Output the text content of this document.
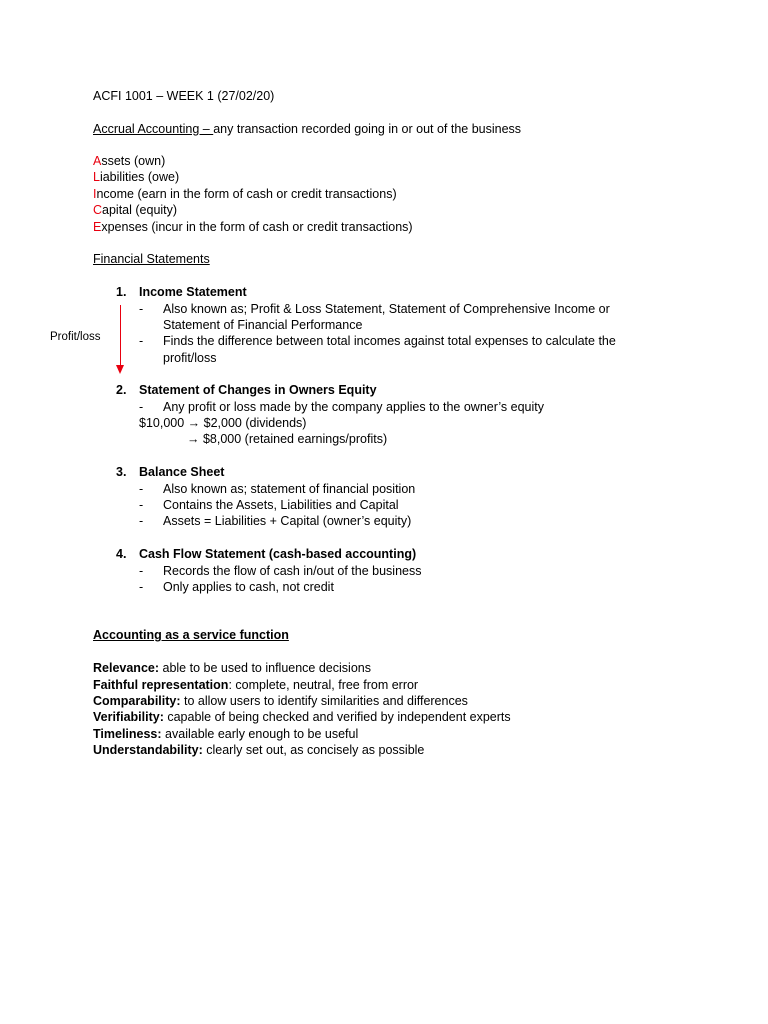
ACFI 1001 – WEEK 1 (27/02/20)
Accrual Accounting – any transaction recorded going in or out of the business
Assets (own)
Liabilities (owe)
Income (earn in the form of cash or credit transactions)
Capital (equity)
Expenses (incur in the form of cash or credit transactions)
Financial Statements
Profit/loss
1. Income Statement
- Also known as; Profit & Loss Statement, Statement of Comprehensive Income or
Statement of Financial Performance
- Finds the difference between total incomes against total expenses to calculate the
profit/loss
2. Statement of Changes in Owners Equity
- Any profit or loss made by the company applies to the owner’s equity
$10,000 → $2,000 (dividends)
→ $8,000 (retained earnings/profits)
3. Balance Sheet
- Also known as; statement of financial position
- Contains the Assets, Liabilities and Capital
- Assets = Liabilities + Capital (owner’s equity)
4. Cash Flow Statement (cash-based accounting)
- Records the flow of cash in/out of the business
- Only applies to cash, not credit
Accounting as a service function
Relevance: able to be used to influence decisions
Faithful representation: complete, neutral, free from error
Comparability: to allow users to identify similarities and differences
Verifiability: capable of being checked and verified by independent experts
Timeliness: available early enough to be useful
Understandability: clearly set out, as concisely as possible
